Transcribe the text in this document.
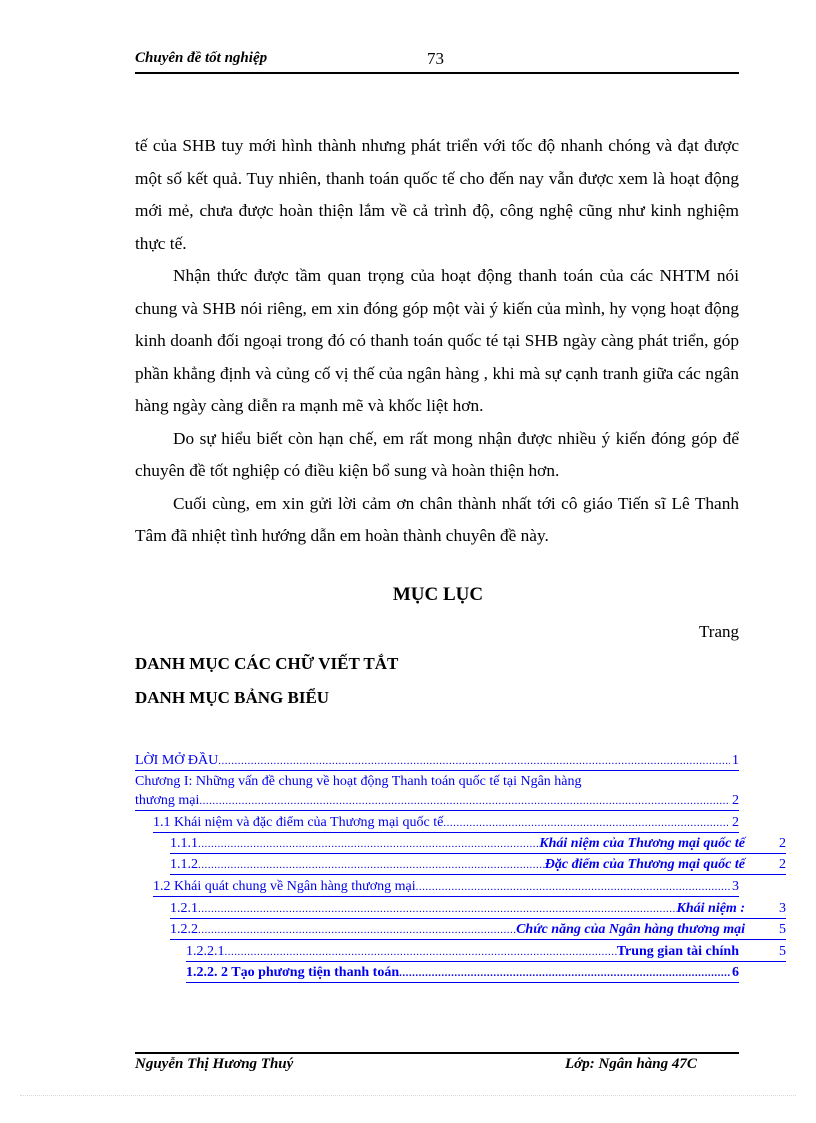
Chuyên đề tốt nghiệp	73

tế của SHB tuy mới hình thành nhưng phát triển với tốc độ nhanh chóng và đạt được một số kết quả. Tuy nhiên, thanh toán quốc tế cho đến nay vẫn được xem là hoạt động mới mẻ, chưa được hoàn thiện lắm về cả trình độ, công nghệ cũng như kinh nghiệm thực tế.

Nhận thức được tầm quan trọng của hoạt động thanh toán của các NHTM nói chung và SHB nói riêng, em xin đóng góp một vài ý kiến của mình, hy vọng hoạt động kinh doanh đối ngoại trong đó có thanh toán quốc té tại SHB ngày càng phát triển, góp phần khẳng định và củng cố vị thế của ngân hàng , khi mà sự cạnh tranh giữa các ngân hàng ngày càng diễn ra mạnh mẽ và khốc liệt hơn.

Do sự hiểu biết còn hạn chế, em rất mong nhận được nhiều ý kiến đóng góp để chuyên đề tốt nghiệp có điều kiện bổ sung và hoàn thiện hơn.

Cuối cùng, em xin gửi lời cảm ơn chân thành nhất tới cô giáo Tiến sĩ Lê Thanh Tâm đã nhiệt tình hướng dẫn em hoàn thành chuyên đề này.

MỤC LỤC
Trang
DANH MỤC CÁC CHỮ VIẾT TẮT
DANH MỤC BẢNG BIỂU
LỜI MỞ ĐẦU .....	1
Chương I: Những vấn đề chung về hoạt động Thanh toán quốc tế tại Ngân hàng
thương mại .....	2
1.1 Khái niệm và đặc điểm của Thương mại quốc tế .....	2
1.1.1 .....	Khái niệm của Thương mại quốc tế 2
1.1.2 .....	Đặc điểm của Thương mại quốc tế 2
1.2 Khái quát chung về Ngân hàng thương mại .....	3
1.2.1 .....	Khái niệm : 3
1.2.2 .....	Chức năng của Ngân hàng thương mại 5
1.2.2.1 .....	Trung gian tài chính	5
1.2.2. 2 Tạo phương tiện thanh toán .....	6
Nguyễn Thị Hương Thuý	Lớp: Ngân hàng 47C
